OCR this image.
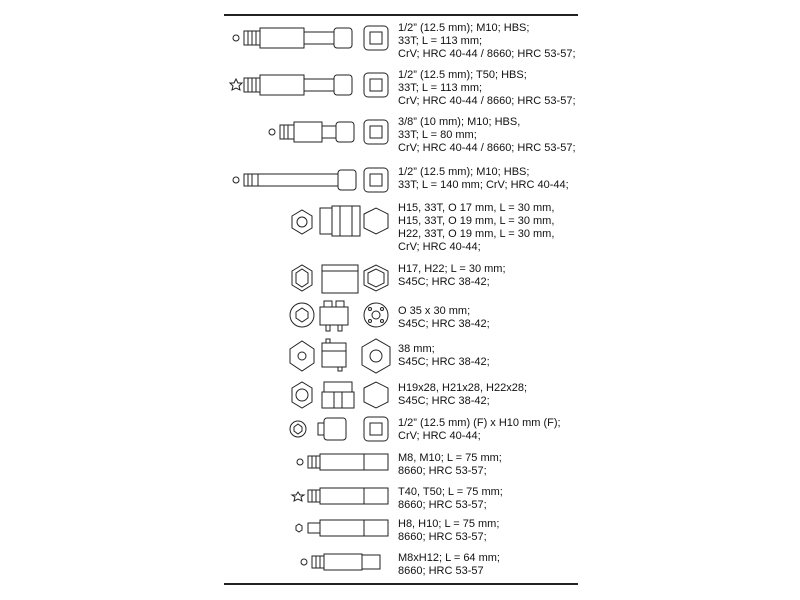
1/2” (12.5 mm); M10; HBS;
33T; L = 113 mm;
CrV; HRC 40-44 / 8660; HRC 53-57;
1/2” (12.5 mm); T50; HBS;
33T; L = 113 mm;
CrV; HRC 40-44 / 8660; HRC 53-57;
3/8” (10 mm); M10; HBS,
33T; L = 80 mm;
CrV; HRC 40-44 / 8660; HRC 53-57;
1/2” (12.5 mm); M10; HBS;
33T; L = 140 mm; CrV; HRC 40-44;
H15, 33T, O 17 mm, L = 30 mm,
H15, 33T, O 19 mm, L = 30 mm,
H22, 33T, O 19 mm, L = 30 mm,
CrV; HRC 40-44;
H17, H22; L = 30 mm;
S45C; HRC 38-42;
O 35 x 30 mm;
S45C; HRC 38-42;
38 mm;
S45C; HRC 38-42;
H19x28, H21x28, H22x28;
S45C; HRC 38-42;
1/2” (12.5 mm) (F) x H10 mm (F);
CrV; HRC 40-44;
M8, M10; L = 75 mm;
8660; HRC 53-57;
T40, T50; L = 75 mm;
8660; HRC 53-57;
H8, H10; L = 75 mm;
8660; HRC 53-57;
M8xH12; L = 64 mm;
8660; HRC 53-57
